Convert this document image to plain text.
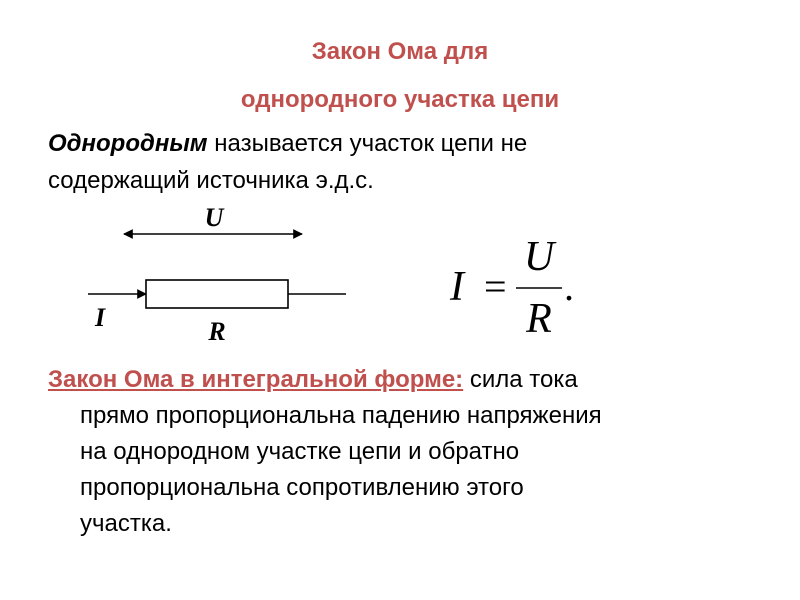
Закон Ома для
однородного участка цепи
Однородным называется участок цепи не
содержащий источника э.д.с.
U
I	R
I =
U
R
.
Закон Ома в интегральной форме: сила тока
прямо пропорциональна падению напряжения
на однородном участке цепи и обратно
пропорциональна сопротивлению этого
участка.
